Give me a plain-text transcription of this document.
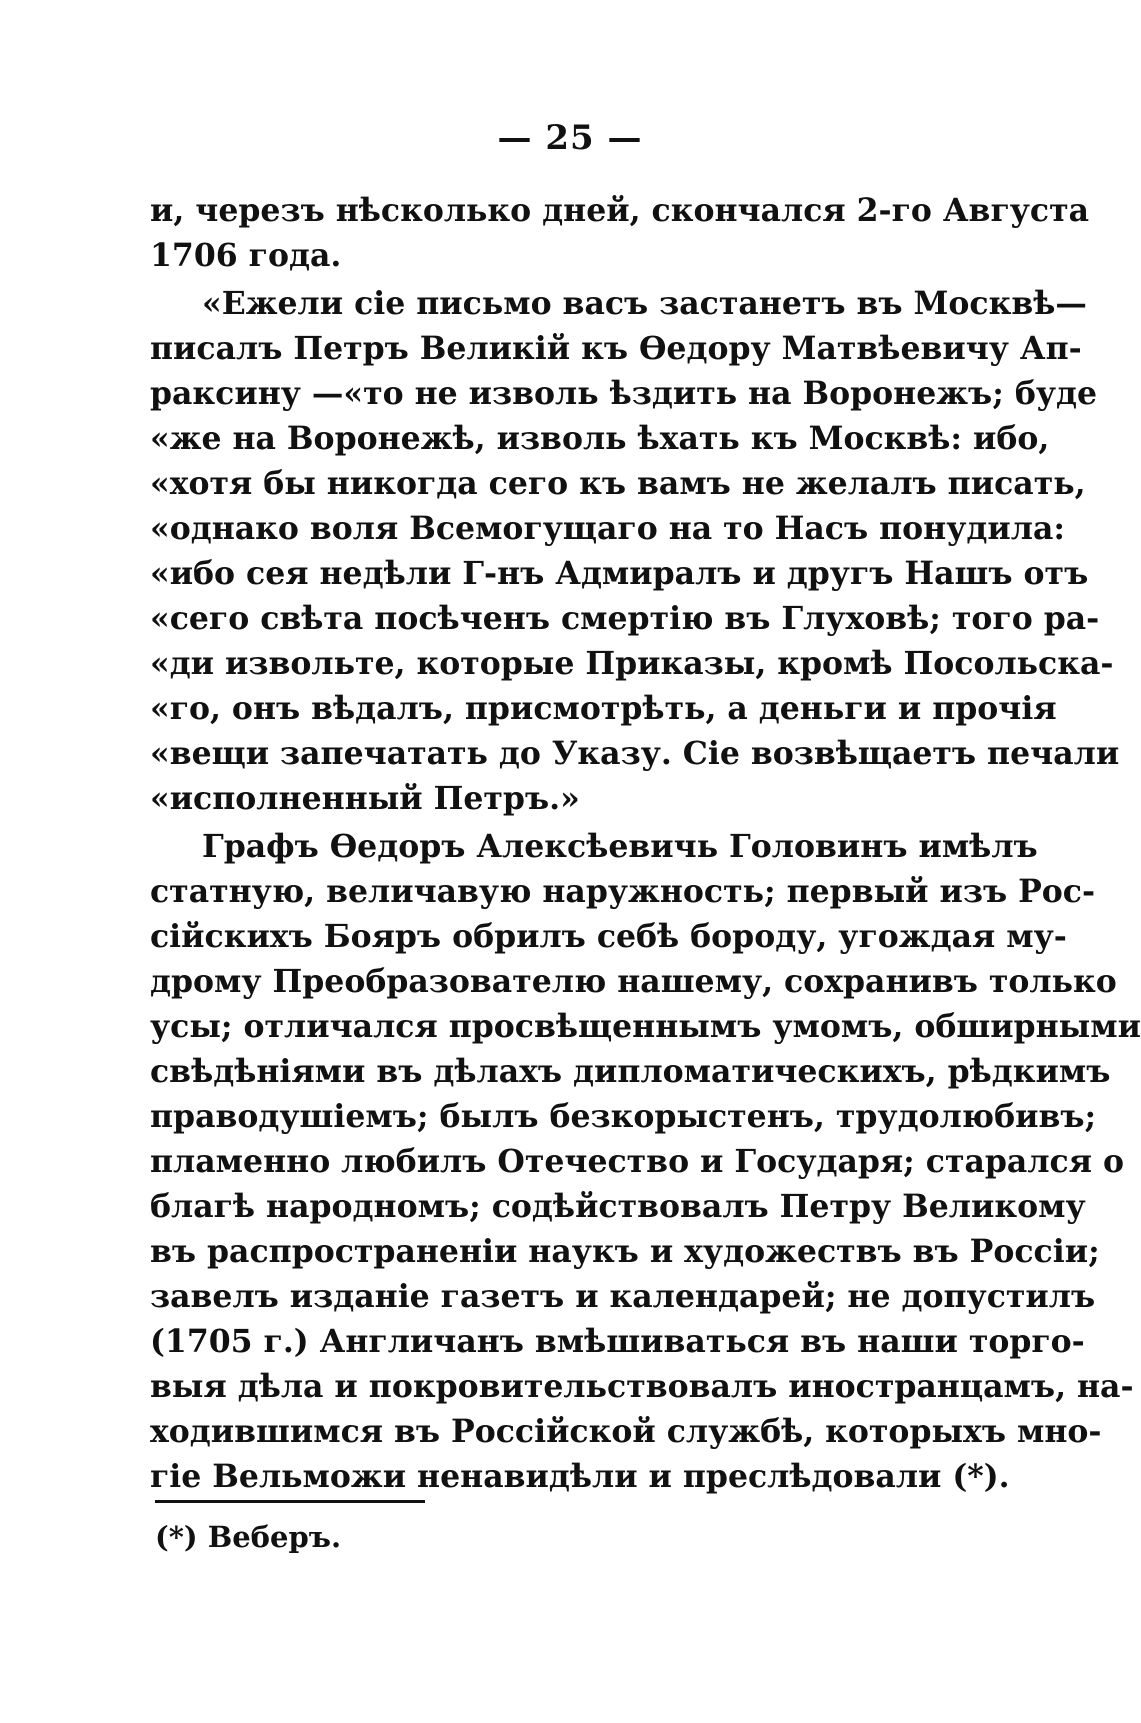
— 25 —

и, черезъ нѣсколько дней, скончался 2-го Августа
1706 года.

«Ежели сіе письмо васъ застанетъ въ Москвѣ—
писалъ Петръ Великій къ Ѳедору Матвѣевичу Ап-
раксину —«то не изволь ѣздить на Воронежъ; буде
«же на Воронежѣ, изволь ѣхать къ Москвѣ: ибо,
«хотя бы никогда сего къ вамъ не желалъ писать,
«однако воля Всемогущаго на то Насъ понудила:
«ибо сея недѣли Г-нъ Адмиралъ и другъ Нашъ отъ
«сего свѣта посѣченъ смертію въ Глуховѣ; того ра-
«ди извольте, которые Приказы, кромѣ Посольска-
«го, онъ вѣдалъ, присмотрѣть, а деньги и прочія
«вещи запечатать до Указу. Сіе возвѣщаетъ печали
«исполненный Петръ.»

Графъ Ѳедоръ Алексѣевичь Головинъ имѣлъ
статную, величавую наружность; первый изъ Рос-
сійскихъ Бояръ обрилъ себѣ бороду, угождая му-
дрому Преобразователю нашему, сохранивъ только
усы; отличался просвѣщеннымъ умомъ, обширными
свѣдѣніями въ дѣлахъ дипломатическихъ, рѣдкимъ
праводушіемъ; былъ безкорыстенъ, трудолюбивъ;
пламенно любилъ Отечество и Государя; старался о
благѣ народномъ; содѣйствовалъ Петру Великому
въ распространеніи наукъ и художествъ въ Россіи;
завелъ изданіе газетъ и календарей; не допустилъ
(1705 г.) Англичанъ вмѣшиваться въ наши торго-
выя дѣла и покровительствовалъ иностранцамъ, на-
ходившимся въ Россійской службѣ, которыхъ мно-
гіе Вельможи ненавидѣли и преслѣдовали (*).

(*) Веберъ.
